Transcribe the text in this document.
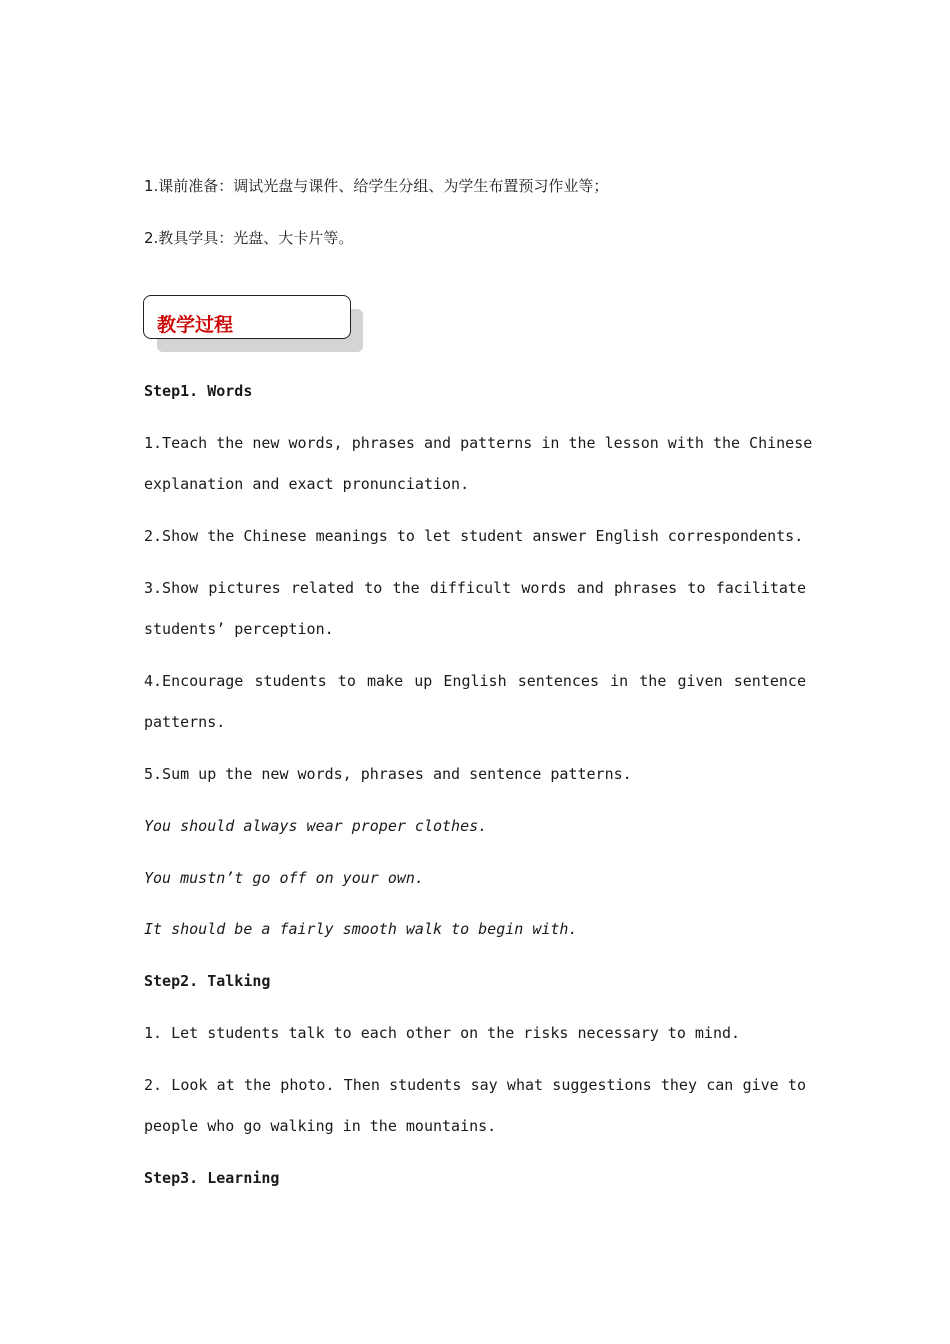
1.课前准备：调试光盘与课件、给学生分组、为学生布置预习作业等；
2.教具学具：光盘、大卡片等。
教学过程
Step1. Words
1.Teach the new words, phrases and patterns in the lesson with the Chinese
explanation and exact pronunciation.
2.Show the Chinese meanings to let student answer English correspondents.
3.Show pictures related to the difficult words and phrases to facilitate
students’ perception.
4.Encourage students to make up English sentences in the given sentence
patterns.
5.Sum up the new words, phrases and sentence patterns.
You should always wear proper clothes.
You mustn’t go off on your own.
It should be a fairly smooth walk to begin with.
Step2. Talking
1. Let students talk to each other on the risks necessary to mind.
2. Look at the photo. Then students say what suggestions they can give to
people who go walking in the mountains.
Step3. Learning
